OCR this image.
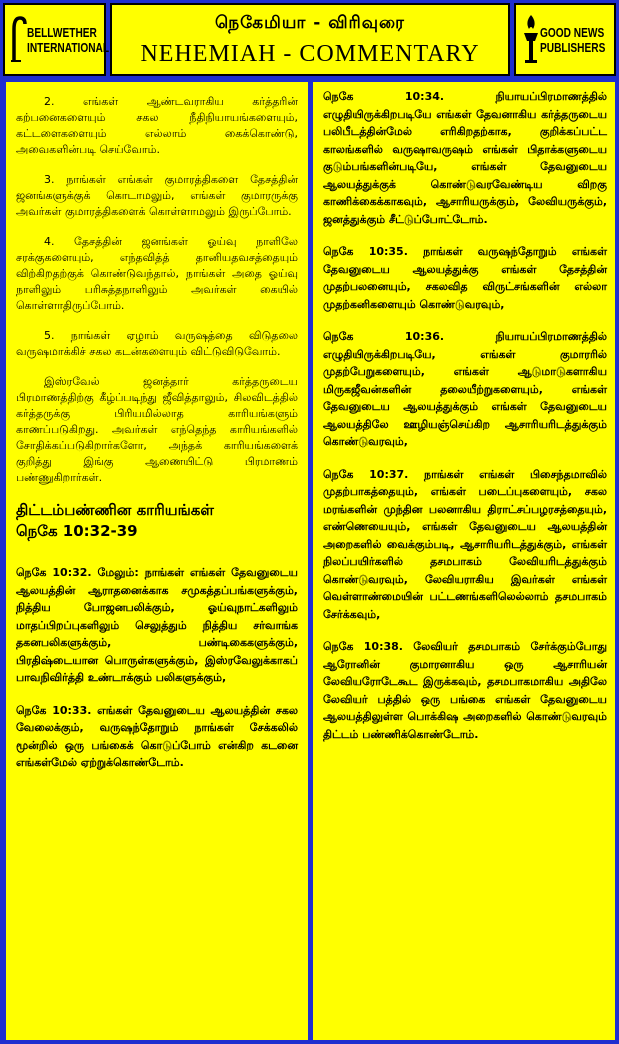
BELLWETHER
INTERNATIONAL
நெகேமியா - விரிவுரை
NEHEMIAH - COMMENTARY
GOOD NEWS
PUBLISHERS

2. எங்கள் ஆண்டவராகிய கர்த்தரின் கற்பனைகளையும் சகல நீதிநியாயங்களையும், கட்டளைகளையும் எல்லாம் கைக்கொண்டு, அவைகளின்படி செய்வோம்.

3. நாங்கள் எங்கள் குமாரத்திகளை தேசத்தின் ஜனங்களுக்குக் கொடாமலும், எங்கள் குமாரருக்கு அவர்கள் குமாரத்திகளைக் கொள்ளாமலும் இருப்போம்.

4. தேசத்தின் ஜனங்கள் ஓய்வு நாளிலே சரக்குகளையும், எந்தவித்த் தானியதவசத்தையும் விற்கிறதற்குக் கொண்டுவந்தால், நாங்கள் அதை ஓய்வு நாளிலும் பரிசுத்தநாளிலும் அவர்கள் கையில் கொள்ளாதிருப்போம்.

5. நாங்கள் ஏழாம் வருஷத்தை விடுதலை வருஷமாக்கிச் சகல கடன்களையும் விட்டுவிடுவோம்.

இஸ்ரவேல் ஜனத்தார் கர்த்தருடைய பிரமாணத்திற்கு கீழ்ப்படிந்து ஜீவித்தாலும், சிலவிடத்தில் கர்த்தருக்கு பிரியமில்லாத காரியங்களும் காணப்படுகிறது. அவர்கள் எந்தெந்த காரியங்களில் சோதிக்கப்படுகிறார்களோ, அந்தக் காரியங்களைக் குறித்து இங்கு ஆணையிட்டு பிரமாணம் பண்ணுகிறார்கள்.

திட்டம்பண்ணின காரியங்கள்
நெகே 10:32-39

நெகே 10:32. மேலும்: நாங்கள் எங்கள் தேவனுடைய ஆலயத்தின் ஆராதனைக்காக சமுகத்தப்பங்களுக்கும், நித்திய போஜனபலிக்கும், ஓய்வுநாட்களிலும் மாதப்பிறப்புகளிலும் செலுத்தும் நித்திய சர்வாங்க தகனபலிகளுக்கும், பண்டிகைகளுக்கும், பிரதிஷ்டையான பொருள்களுக்கும், இஸ்ரவேலுக்காகப் பாவநிவிர்த்தி உண்டாக்கும் பலிகளுக்கும்,

நெகே 10:33. எங்கள் தேவனுடைய ஆலயத்தின் சகல வேலைக்கும், வருஷந்தோறும் நாங்கள் சேக்கலில் மூன்றில் ஒரு பங்கைக் கொடுப்போம் என்கிற கடனை எங்கள்மேல் ஏற்றுக்கொண்டோம்.

நெகே 10:34. நியாயப்பிரமாணத்தில் எழுதியிருக்கிறபடியே எங்கள் தேவனாகிய கர்த்தருடைய பலிபீடத்தின்மேல் எரிகிறதற்காக, குறிக்கப்பட்ட காலங்களில் வருஷாவருஷம் எங்கள் பிதாக்களுடைய குடும்பங்களின்படியே, எங்கள் தேவனுடைய ஆலயத்துக்குக் கொண்டுவரவேண்டிய விறகு காணிக்கைக்காகவும், ஆசாரியருக்கும், லேவியருக்கும், ஜனத்துக்கும் சீட்டுப்போட்டோம்.

நெகே 10:35. நாங்கள் வருஷந்தோறும் எங்கள் தேவனுடைய ஆலயத்துக்கு எங்கள் தேசத்தின் முதற்பலனையும், சகலவித விருட்சங்களின் எல்லா முதற்கனிகளையும் கொண்டுவரவும்,

நெகே 10:36. நியாயப்பிரமாணத்தில் எழுதியிருக்கிறபடியே, எங்கள் குமாரரில் முதற்பேறுகளையும், எங்கள் ஆடுமாடுகளாகிய மிருகஜீவன்களின் தலையீற்றுகளையும், எங்கள் தேவனுடைய ஆலயத்துக்கும் எங்கள் தேவனுடைய ஆலயத்திலே ஊழியஞ்செய்கிற ஆசாரியரிடத்துக்கும் கொண்டுவரவும்,

நெகே 10:37. நாங்கள் எங்கள் பிசைந்தமாவில் முதற்பாகத்தையும், எங்கள் படைப்புகளையும், சகல மரங்களின் முந்தின பலனாகிய திராட்சப்பழரசத்தையும், எண்ணெயையும், எங்கள் தேவனுடைய ஆலயத்தின் அறைகளில் வைக்கும்படி, ஆசாரியரிடத்துக்கும், எங்கள் நிலப்பயிர்களில் தசமபாகம் லேவியரிடத்துக்கும் கொண்டுவரவும், லேவியராகிய இவர்கள் எங்கள் வெள்ளாண்மையின் பட்டணங்களிலெல்லாம் தசமபாகம் சேர்க்கவும்,

நெகே 10:38. லேவியர் தசமபாகம் சேர்க்கும்போது ஆரோனின் குமாரனாகிய ஒரு ஆசாரியன் லேவியரோடேகூட இருக்கவும், தசமபாகமாகிய அதிலே லேவியர் பத்தில் ஒரு பங்கை எங்கள் தேவனுடைய ஆலயத்திலுள்ள பொக்கிஷ அறைகளில் கொண்டுவரவும் திட்டம் பண்ணிக்கொண்டோம்.
